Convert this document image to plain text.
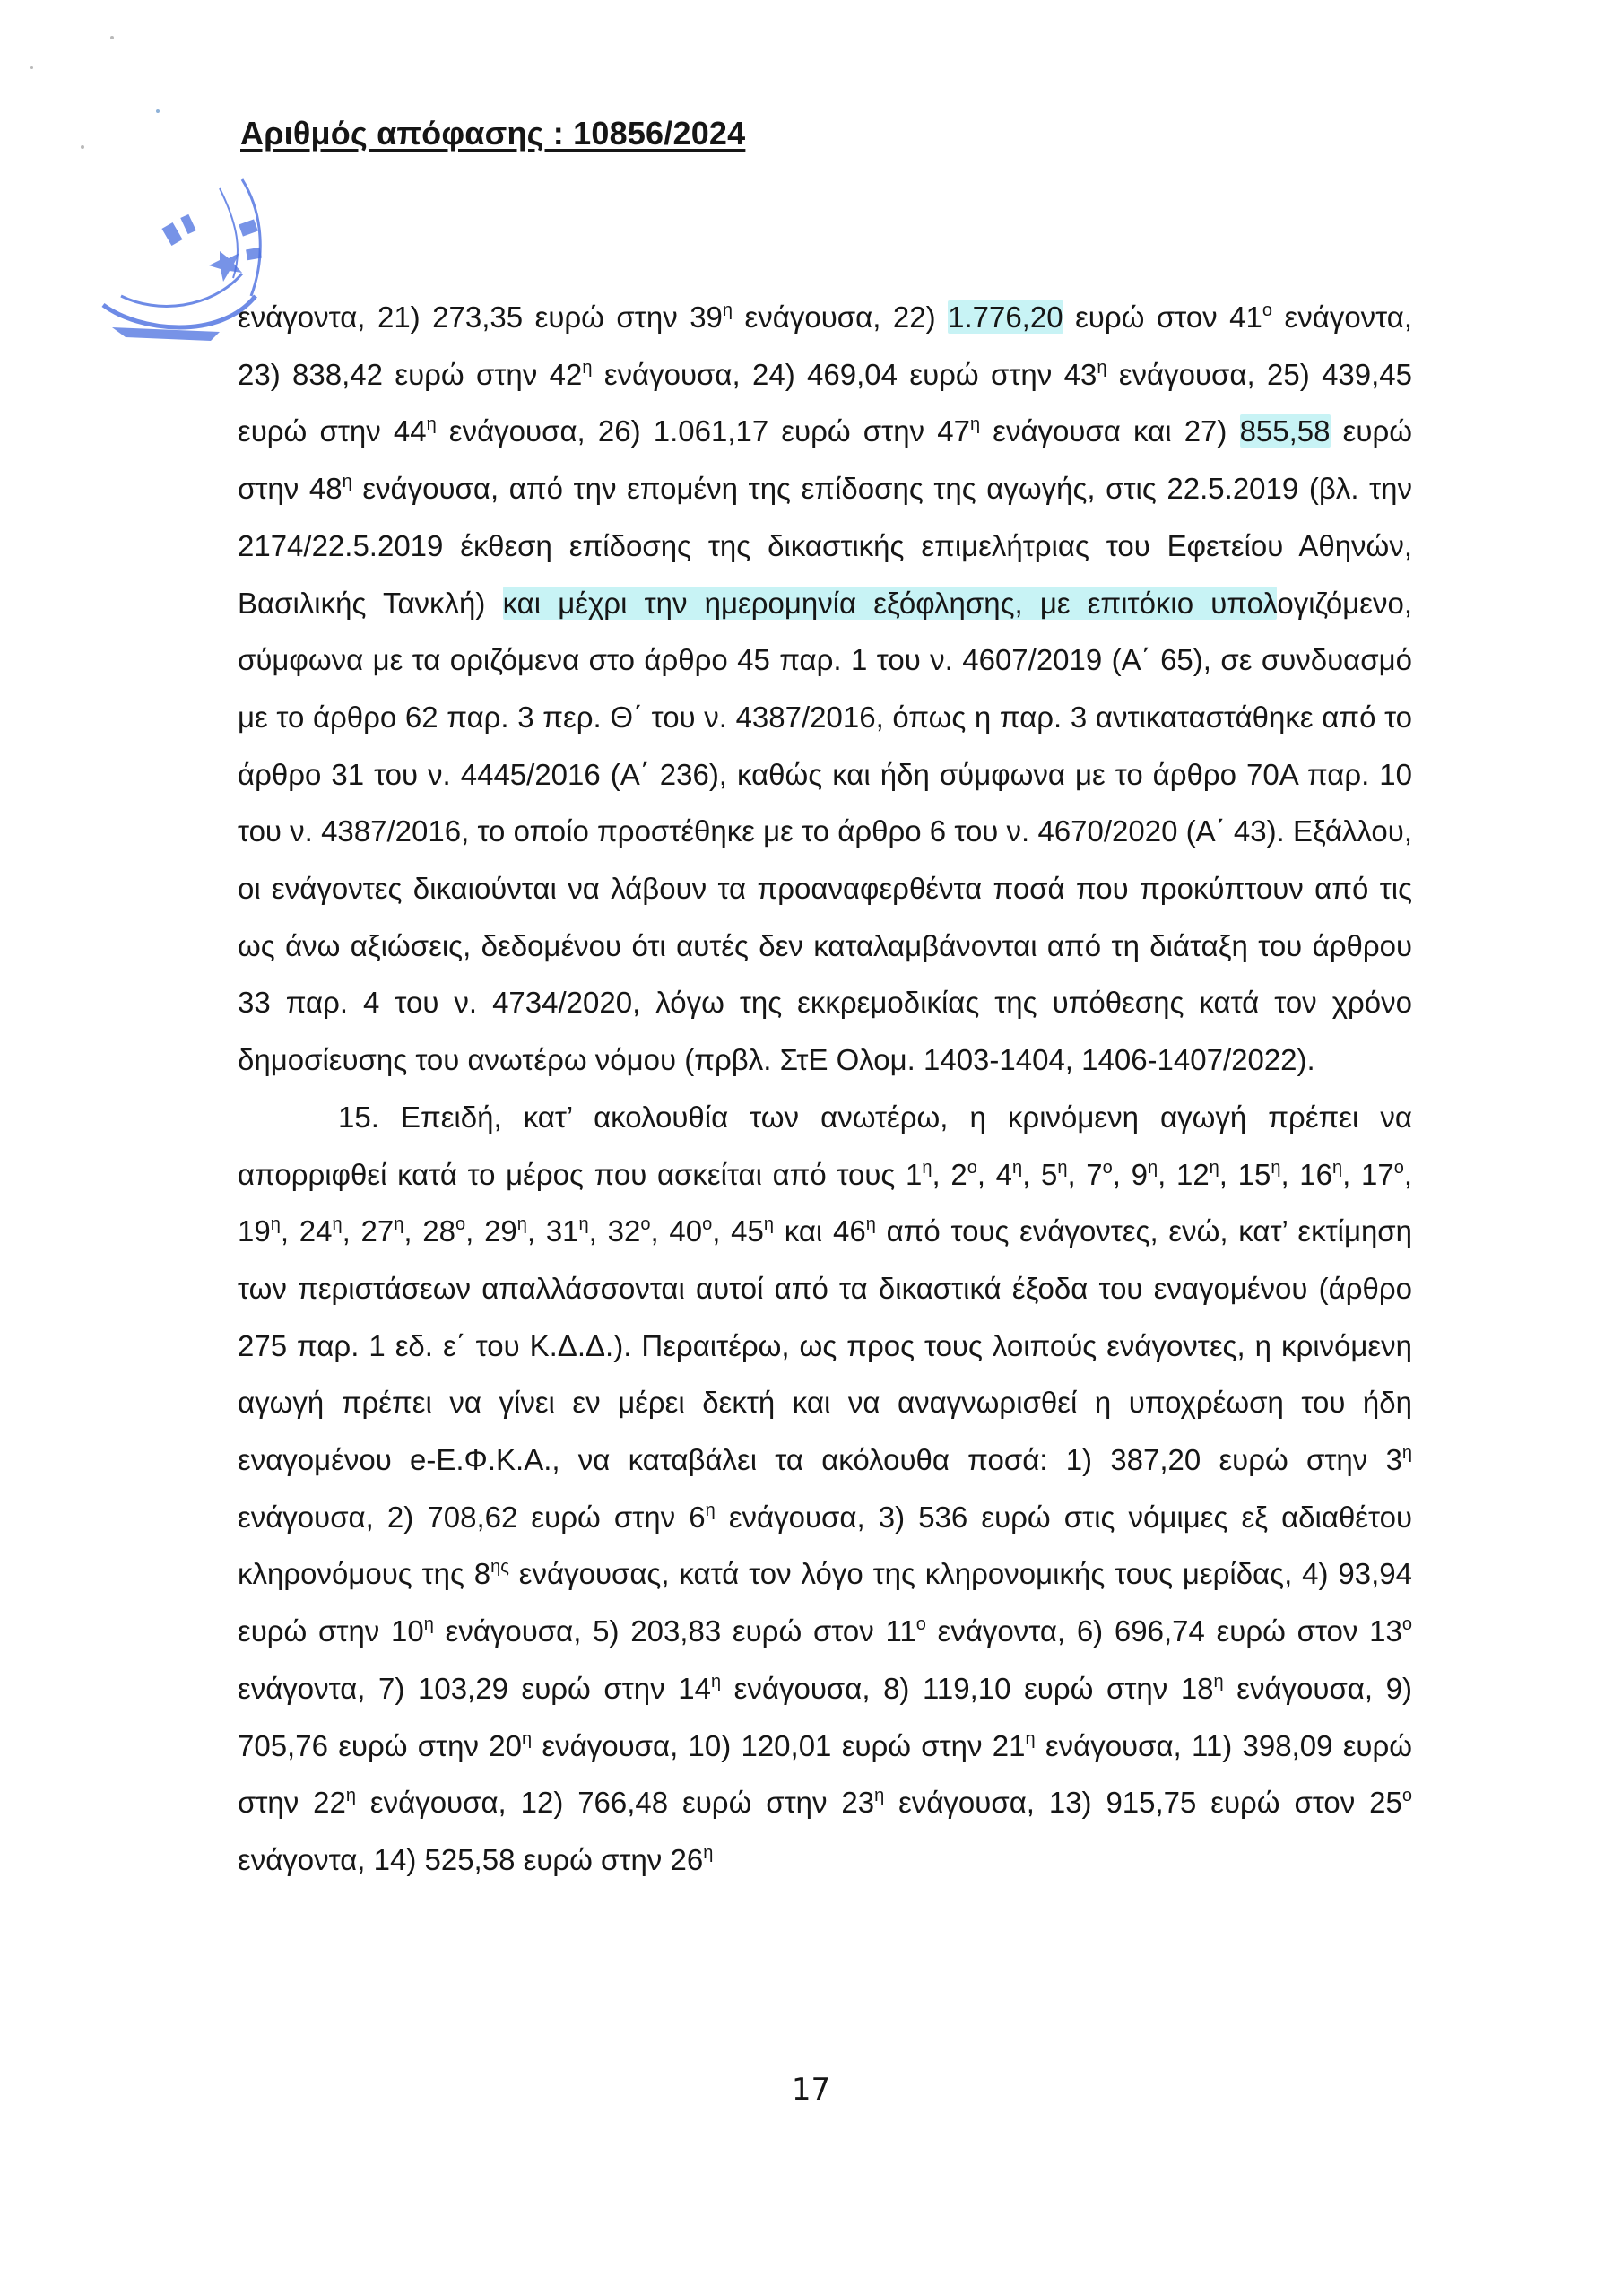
Αριθμός απόφασης : 10856/2024

ενάγοντα, 21) 273,35 ευρώ στην $39^\eta$ ενάγουσα, 22) 1.776,20 ευρώ στον $41^o$ ενάγοντα, 23) 838,42 ευρώ στην $42^\eta$ ενάγουσα, 24) 469,04 ευρώ στην $43^\eta$ ενάγουσα, 25) 439,45 ευρώ στην $44^\eta$ ενάγουσα, 26) 1.061,17 ευρώ στην $47^\eta$ ενάγουσα και 27) 855,58 ευρώ στην $48^\eta$ ενάγουσα, από την επομένη της επίδοσης της αγωγής, στις 22.5.2019 (βλ. την 2174/22.5.2019 έκθεση επίδοσης της δικαστικής επιμελήτριας του Εφετείου Αθηνών, Βασιλικής Τανκλή) και μέχρι την ημερομηνία εξόφλησης, με επιτόκιο υπολογιζόμενο, σύμφωνα με τα οριζόμενα στο άρθρο 45 παρ. 1 του ν. 4607/2019 (Α΄ 65), σε συνδυασμό με το άρθρο 62 παρ. 3 περ. Θ΄ του ν. 4387/2016, όπως η παρ. 3 αντικαταστάθηκε από το άρθρο 31 του ν. 4445/2016 (Α΄ 236), καθώς και ήδη σύμφωνα με το άρθρο 70Α παρ. 10 του ν. 4387/2016, το οποίο προστέθηκε με το άρθρο 6 του ν. 4670/2020 (Α΄ 43). Εξάλλου, οι ενάγοντες δικαιούνται να λάβουν τα προαναφερθέντα ποσά που προκύπτουν από τις ως άνω αξιώσεις, δεδομένου ότι αυτές δεν καταλαμβάνονται από τη διάταξη του άρθρου 33 παρ. 4 του ν. 4734/2020, λόγω της εκκρεμοδικίας της υπόθεσης κατά τον χρόνο δημοσίευσης του ανωτέρω νόμου (πρβλ. ΣτΕ Ολομ. 1403-1404, 1406-1407/2022).

15. Επειδή, κατ’ ακολουθία των ανωτέρω, η κρινόμενη αγωγή πρέπει να απορριφθεί κατά το μέρος που ασκείται από τους $1^\eta$, $2^o$, $4^\eta$, $5^\eta$, $7^o$, $9^\eta$, $12^\eta$, $15^\eta$, $16^\eta$, $17^o$, $19^\eta$, $24^\eta$, $27^\eta$, $28^o$, $29^\eta$, $31^\eta$, $32^o$, $40^o$, $45^\eta$ και $46^\eta$ από τους ενάγοντες, ενώ, κατ’ εκτίμηση των περιστάσεων απαλλάσσονται αυτοί από τα δικαστικά έξοδα του εναγομένου (άρθρο 275 παρ. 1 εδ. ε΄ του Κ.Δ.Δ.). Περαιτέρω, ως προς τους λοιπούς ενάγοντες, η κρινόμενη αγωγή πρέπει να γίνει εν μέρει δεκτή και να αναγνωρισθεί η υποχρέωση του ήδη εναγομένου e-Ε.Φ.Κ.Α., να καταβάλει τα ακόλουθα ποσά: 1) 387,20 ευρώ στην $3^\eta$ ενάγουσα, 2) 708,62 ευρώ στην $6^\eta$ ενάγουσα, 3) 536 ευρώ στις νόμιμες εξ αδιαθέτου κληρονόμους της $8^{\eta\varsigma}$ ενάγουσας, κατά τον λόγο της κληρονομικής τους μερίδας, 4) 93,94 ευρώ στην $10^\eta$ ενάγουσα, 5) 203,83 ευρώ στον $11^o$ ενάγοντα, 6) 696,74 ευρώ στον $13^o$ ενάγοντα, 7) 103,29 ευρώ στην $14^\eta$ ενάγουσα, 8) 119,10 ευρώ στην $18^\eta$ ενάγουσα, 9) 705,76 ευρώ στην $20^\eta$ ενάγουσα, 10) 120,01 ευρώ στην $21^\eta$ ενάγουσα, 11) 398,09 ευρώ στην $22^\eta$ ενάγουσα, 12) 766,48 ευρώ στην $23^\eta$ ενάγουσα, 13) 915,75 ευρώ στον $25^o$ ενάγοντα, 14) 525,58 ευρώ στην $26^\eta$

17
